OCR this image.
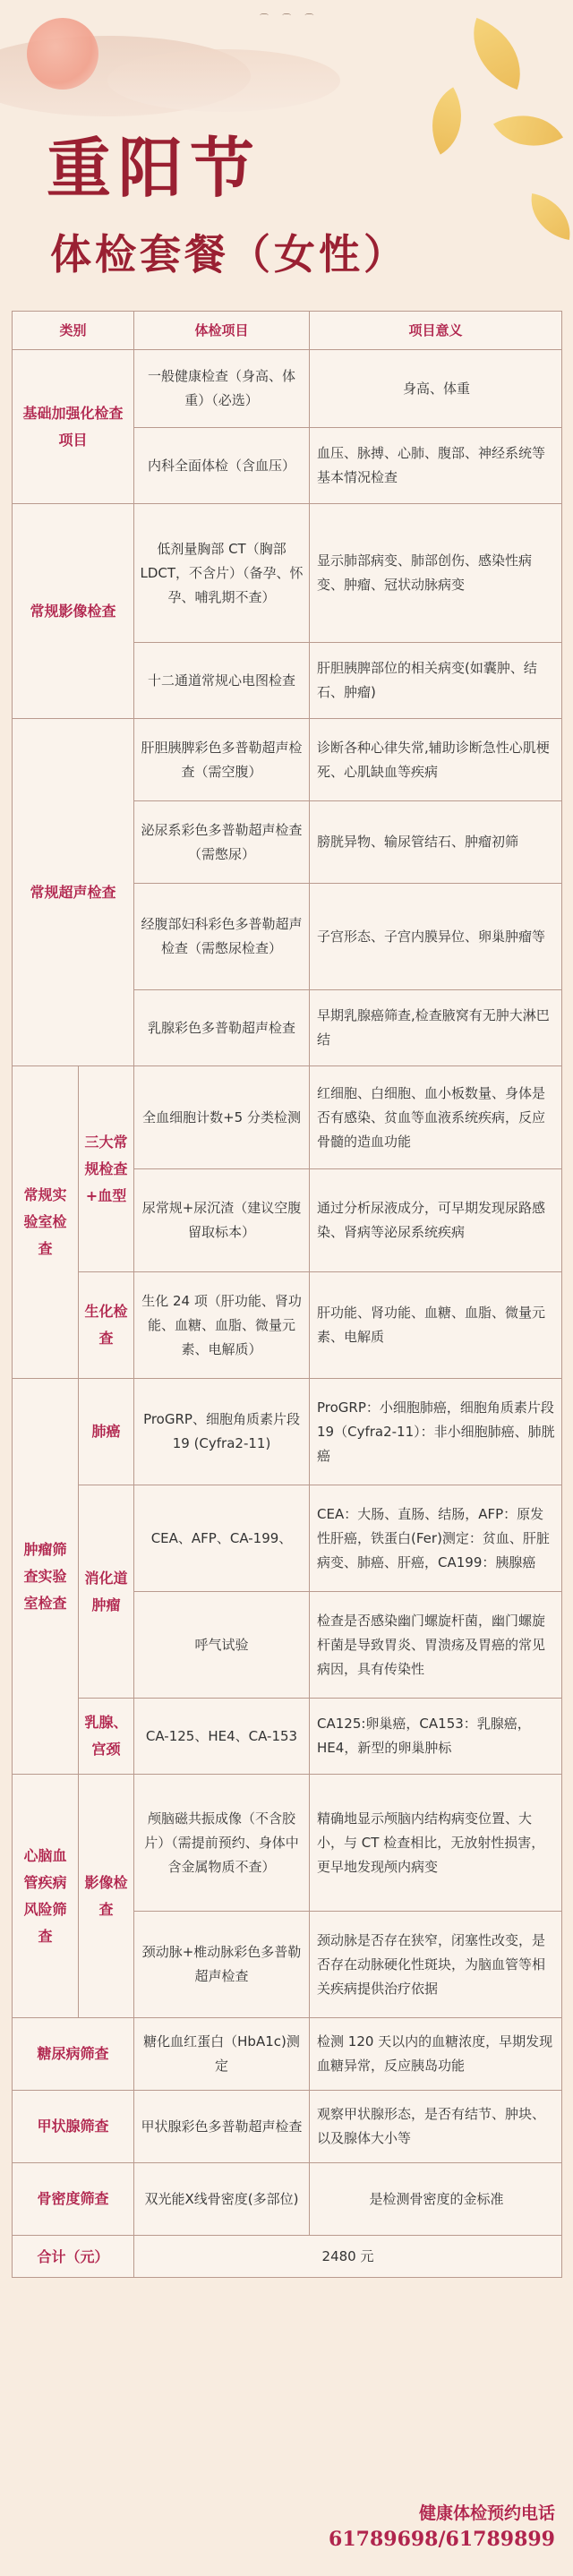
⌒ ⌒ ⌒
重阳节
体检套餐（女性）
类别		体检项目	项目意义
基础加强化检查项目		一般健康检查（身高、体重）（必选）	身高、体重
		内科全面体检（含血压）	血压、脉搏、心肺、腹部、神经系统等基本情况检查
常规影像检查		低剂量胸部 CT（胸部LDCT，不含片）（备孕、怀孕、哺乳期不查）	显示肺部病变、肺部创伤、感染性病变、肿瘤、冠状动脉病变
		十二通道常规心电图检查	肝胆胰脾部位的相关病变(如囊肿、结石、肿瘤)
常规超声检查		肝胆胰脾彩色多普勒超声检查（需空腹）	诊断各种心律失常,辅助诊断急性心肌梗死、心肌缺血等疾病
		泌尿系彩色多普勒超声检查（需憋尿）	膀胱异物、输尿管结石、肿瘤初筛
		经腹部妇科彩色多普勒超声检查（需憋尿检查）	子宫形态、子宫内膜异位、卵巢肿瘤等
		乳腺彩色多普勒超声检查	早期乳腺癌筛查,检查腋窝有无肿大淋巴结
常规实验室检查	三大常规检查+血型	全血细胞计数+5 分类检测	红细胞、白细胞、血小板数量、身体是否有感染、贫血等血液系统疾病，反应骨髓的造血功能
		尿常规+尿沉渣（建议空腹留取标本）	通过分析尿液成分，可早期发现尿路感染、肾病等泌尿系统疾病
	生化检查	生化 24 项（肝功能、肾功能、血糖、血脂、微量元素、电解质）	肝功能、肾功能、血糖、血脂、微量元素、电解质
肿瘤筛查实验室检查	肺癌	ProGRP、细胞角质素片段 19 (Cyfra2-11)	ProGRP：小细胞肺癌，细胞角质素片段 19（Cyfra2-11）：非小细胞肺癌、肺胱癌
	消化道肿瘤	CEA、AFP、CA-199、	CEA：大肠、直肠、结肠，AFP：原发性肝癌，铁蛋白(Fer)测定：贫血、肝脏病变、肺癌、肝癌，CA199：胰腺癌
		呼气试验	检查是否感染幽门螺旋杆菌，幽门螺旋杆菌是导致胃炎、胃溃疡及胃癌的常见病因，具有传染性
	乳腺、宫颈	CA-125、HE4、CA-153	CA125:卵巢癌，CA153：乳腺癌，HE4，新型的卵巢肿标
心脑血管疾病风险筛查	影像检查	颅脑磁共振成像（不含胶片）（需提前预约、身体中含金属物质不查）	精确地显示颅脑内结构病变位置、大小，与 CT 检查相比，无放射性损害，更早地发现颅内病变
		颈动脉+椎动脉彩色多普勒超声检查	颈动脉是否存在狭窄，闭塞性改变，是否存在动脉硬化性斑块，为脑血管等相关疾病提供治疗依据
糖尿病筛查		糖化血红蛋白（HbA1c)测定	检测 120 天以内的血糖浓度，早期发现血糖异常，反应胰岛功能
甲状腺筛查		甲状腺彩色多普勒超声检查	观察甲状腺形态，是否有结节、肿块、以及腺体大小等
骨密度筛查		双光能X线骨密度(多部位)	是检测骨密度的金标准
合计（元）		2480 元	
健康体检预约电话
61789698/61789899
